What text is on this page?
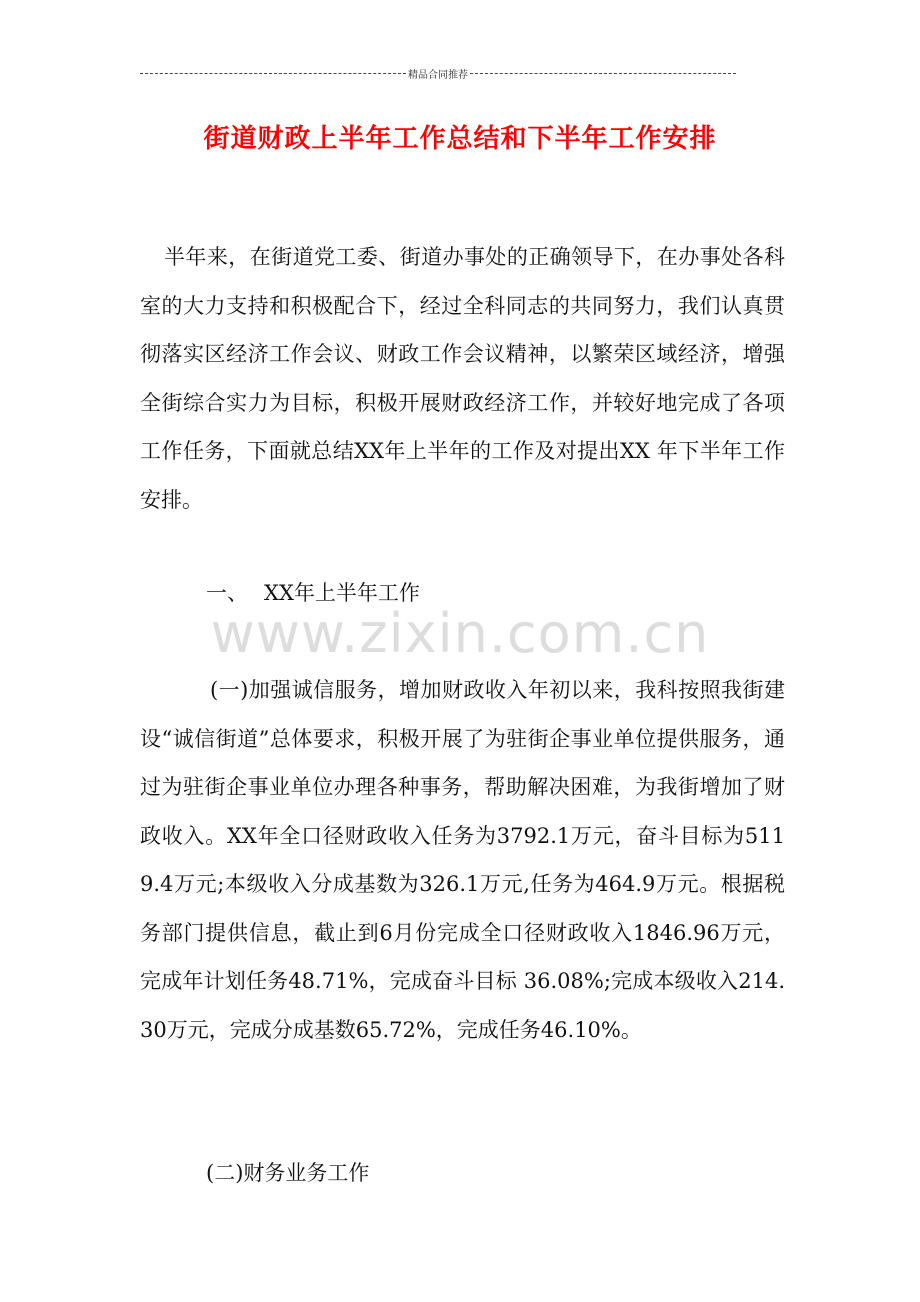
精品合同推荐
街道财政上半年工作总结和下半年工作安排
半年来，在街道党工委、街道办事处的正确领导下，在办事处各科室的大力支持和积极配合下，经过全科同志的共同努力，我们认真贯彻落实区经济工作会议、财政工作会议精神，以繁荣区域经济，增强全街综合实力为目标，积极开展财政经济工作，并较好地完成了各项工作任务，下面就总结XX年上半年的工作及对提出XX 年下半年工作安排。
一、 XX年上半年工作
www.zixin.com.cn
(一)加强诚信服务，增加财政收入年初以来，我科按照我街建设“诚信街道”总体要求，积极开展了为驻街企事业单位提供服务，通过为驻街企事业单位办理各种事务，帮助解决困难，为我街增加了财政收入。XX年全口径财政收入任务为3792.1万元，奋斗目标为5119.4万元;本级收入分成基数为326.1万元,任务为464.9万元。根据税务部门提供信息，截止到6月份完成全口径财政收入1846.96万元，完成年计划任务48.71%，完成奋斗目标 36.08%;完成本级收入214.30万元，完成分成基数65.72%，完成任务46.10%。
(二)财务业务工作
